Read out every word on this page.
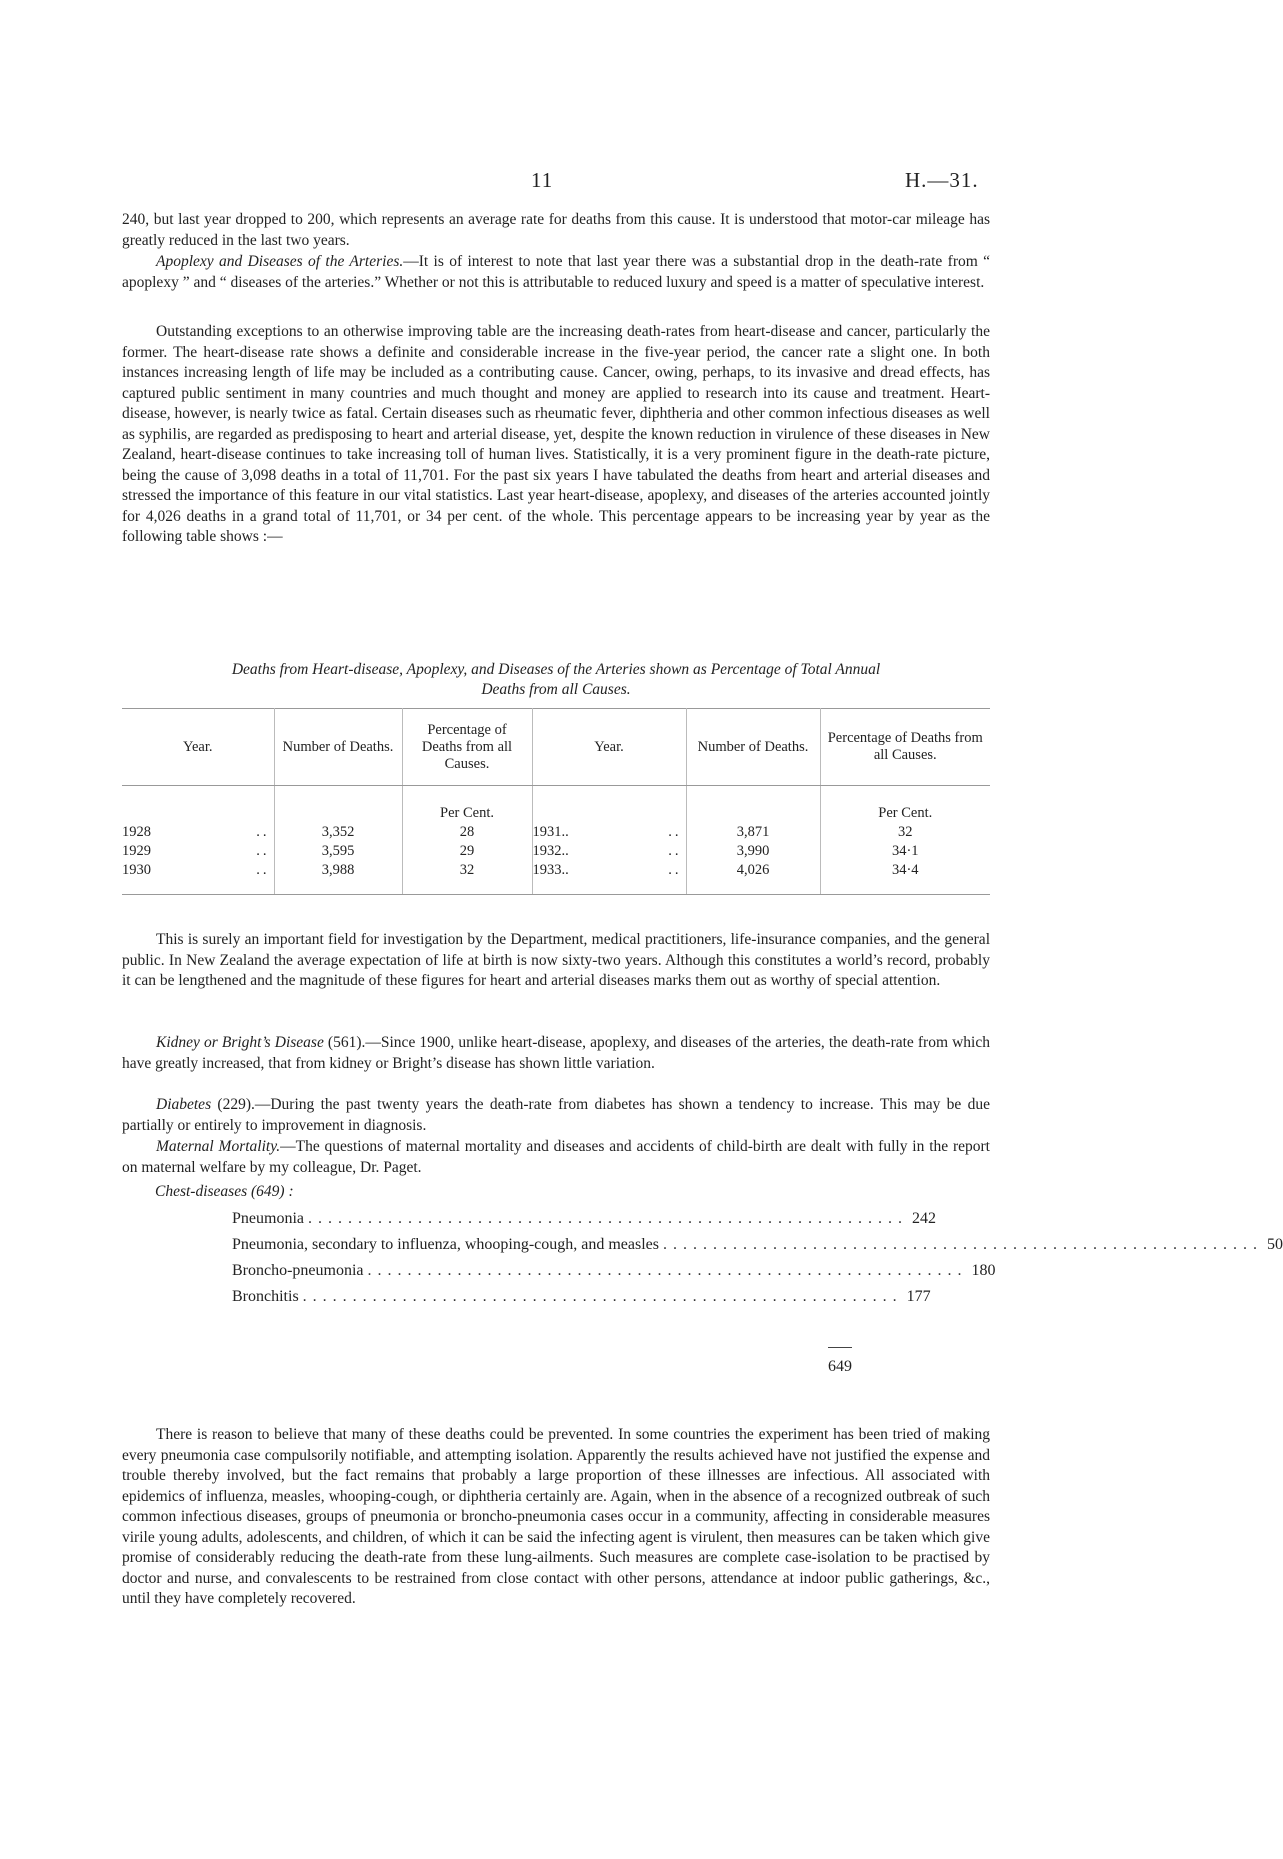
11	H.—31.

240, but last year dropped to 200, which represents an average rate for deaths from this cause. It is understood that motor-car mileage has greatly reduced in the last two years.

Apoplexy and Diseases of the Arteries.—It is of interest to note that last year there was a substantial drop in the death-rate from “ apoplexy ” and “ diseases of the arteries.” Whether or not this is attributable to reduced luxury and speed is a matter of speculative interest.

Outstanding exceptions to an otherwise improving table are the increasing death-rates from heart-disease and cancer, particularly the former. The heart-disease rate shows a definite and considerable increase in the five-year period, the cancer rate a slight one. In both instances increasing length of life may be included as a contributing cause. Cancer, owing, perhaps, to its invasive and dread effects, has captured public sentiment in many countries and much thought and money are applied to research into its cause and treatment. Heart-disease, however, is nearly twice as fatal. Certain diseases such as rheumatic fever, diphtheria and other common infectious diseases as well as syphilis, are regarded as predisposing to heart and arterial disease, yet, despite the known reduction in virulence of these diseases in New Zealand, heart-disease continues to take increasing toll of human lives. Statistically, it is a very prominent figure in the death-rate picture, being the cause of 3,098 deaths in a total of 11,701. For the past six years I have tabulated the deaths from heart and arterial diseases and stressed the importance of this feature in our vital statistics. Last year heart-disease, apoplexy, and diseases of the arteries accounted jointly for 4,026 deaths in a grand total of 11,701, or 34 per cent. of the whole. This percentage appears to be increasing year by year as the following table shows :—

Deaths from Heart-disease, Apoplexy, and Diseases of the Arteries shown as Percentage of Total Annual
Deaths from all Causes.
Year.	Number of Deaths.	Percentage of Deaths from all Causes.	Year.	Number of Deaths.	Percentage of Deaths from all Causes.
		Per Cent.			Per Cent.
1928 ..	3,352	28	1931.. ..	3,871	32
1929 ..	3,595	29	1932.. ..	3,990	34·1
1930 ..	3,988	32	1933.. ..	4,026	34·4

This is surely an important field for investigation by the Department, medical practitioners, life-insurance companies, and the general public. In New Zealand the average expectation of life at birth is now sixty-two years. Although this constitutes a world’s record, probably it can be lengthened and the magnitude of these figures for heart and arterial diseases marks them out as worthy of special attention.

Kidney or Bright’s Disease (561).—Since 1900, unlike heart-disease, apoplexy, and diseases of the arteries, the death-rate from which have greatly increased, that from kidney or Bright’s disease has shown little variation.

Diabetes (229).—During the past twenty years the death-rate from diabetes has shown a tendency to increase. This may be due partially or entirely to improvement in diagnosis.

Maternal Mortality.—The questions of maternal mortality and diseases and accidents of child-birth are dealt with fully in the report on maternal welfare by my colleague, Dr. Paget.

Chest-diseases (649) :
Pneumonia ............................................................ 242
Pneumonia, secondary to influenza, whooping-cough, and measles ............................................................ 50
Broncho-pneumonia ............................................................ 180
Bronchitis ............................................................ 177
649

There is reason to believe that many of these deaths could be prevented. In some countries the experiment has been tried of making every pneumonia case compulsorily notifiable, and attempting isolation. Apparently the results achieved have not justified the expense and trouble thereby involved, but the fact remains that probably a large proportion of these illnesses are infectious. All associated with epidemics of influenza, measles, whooping-cough, or diphtheria certainly are. Again, when in the absence of a recognized outbreak of such common infectious diseases, groups of pneumonia or broncho-pneumonia cases occur in a community, affecting in considerable measures virile young adults, adolescents, and children, of which it can be said the infecting agent is virulent, then measures can be taken which give promise of considerably reducing the death-rate from these lung-ailments. Such measures are complete case-isolation to be practised by doctor and nurse, and convalescents to be restrained from close contact with other persons, attendance at indoor public gatherings, &c., until they have completely recovered.
